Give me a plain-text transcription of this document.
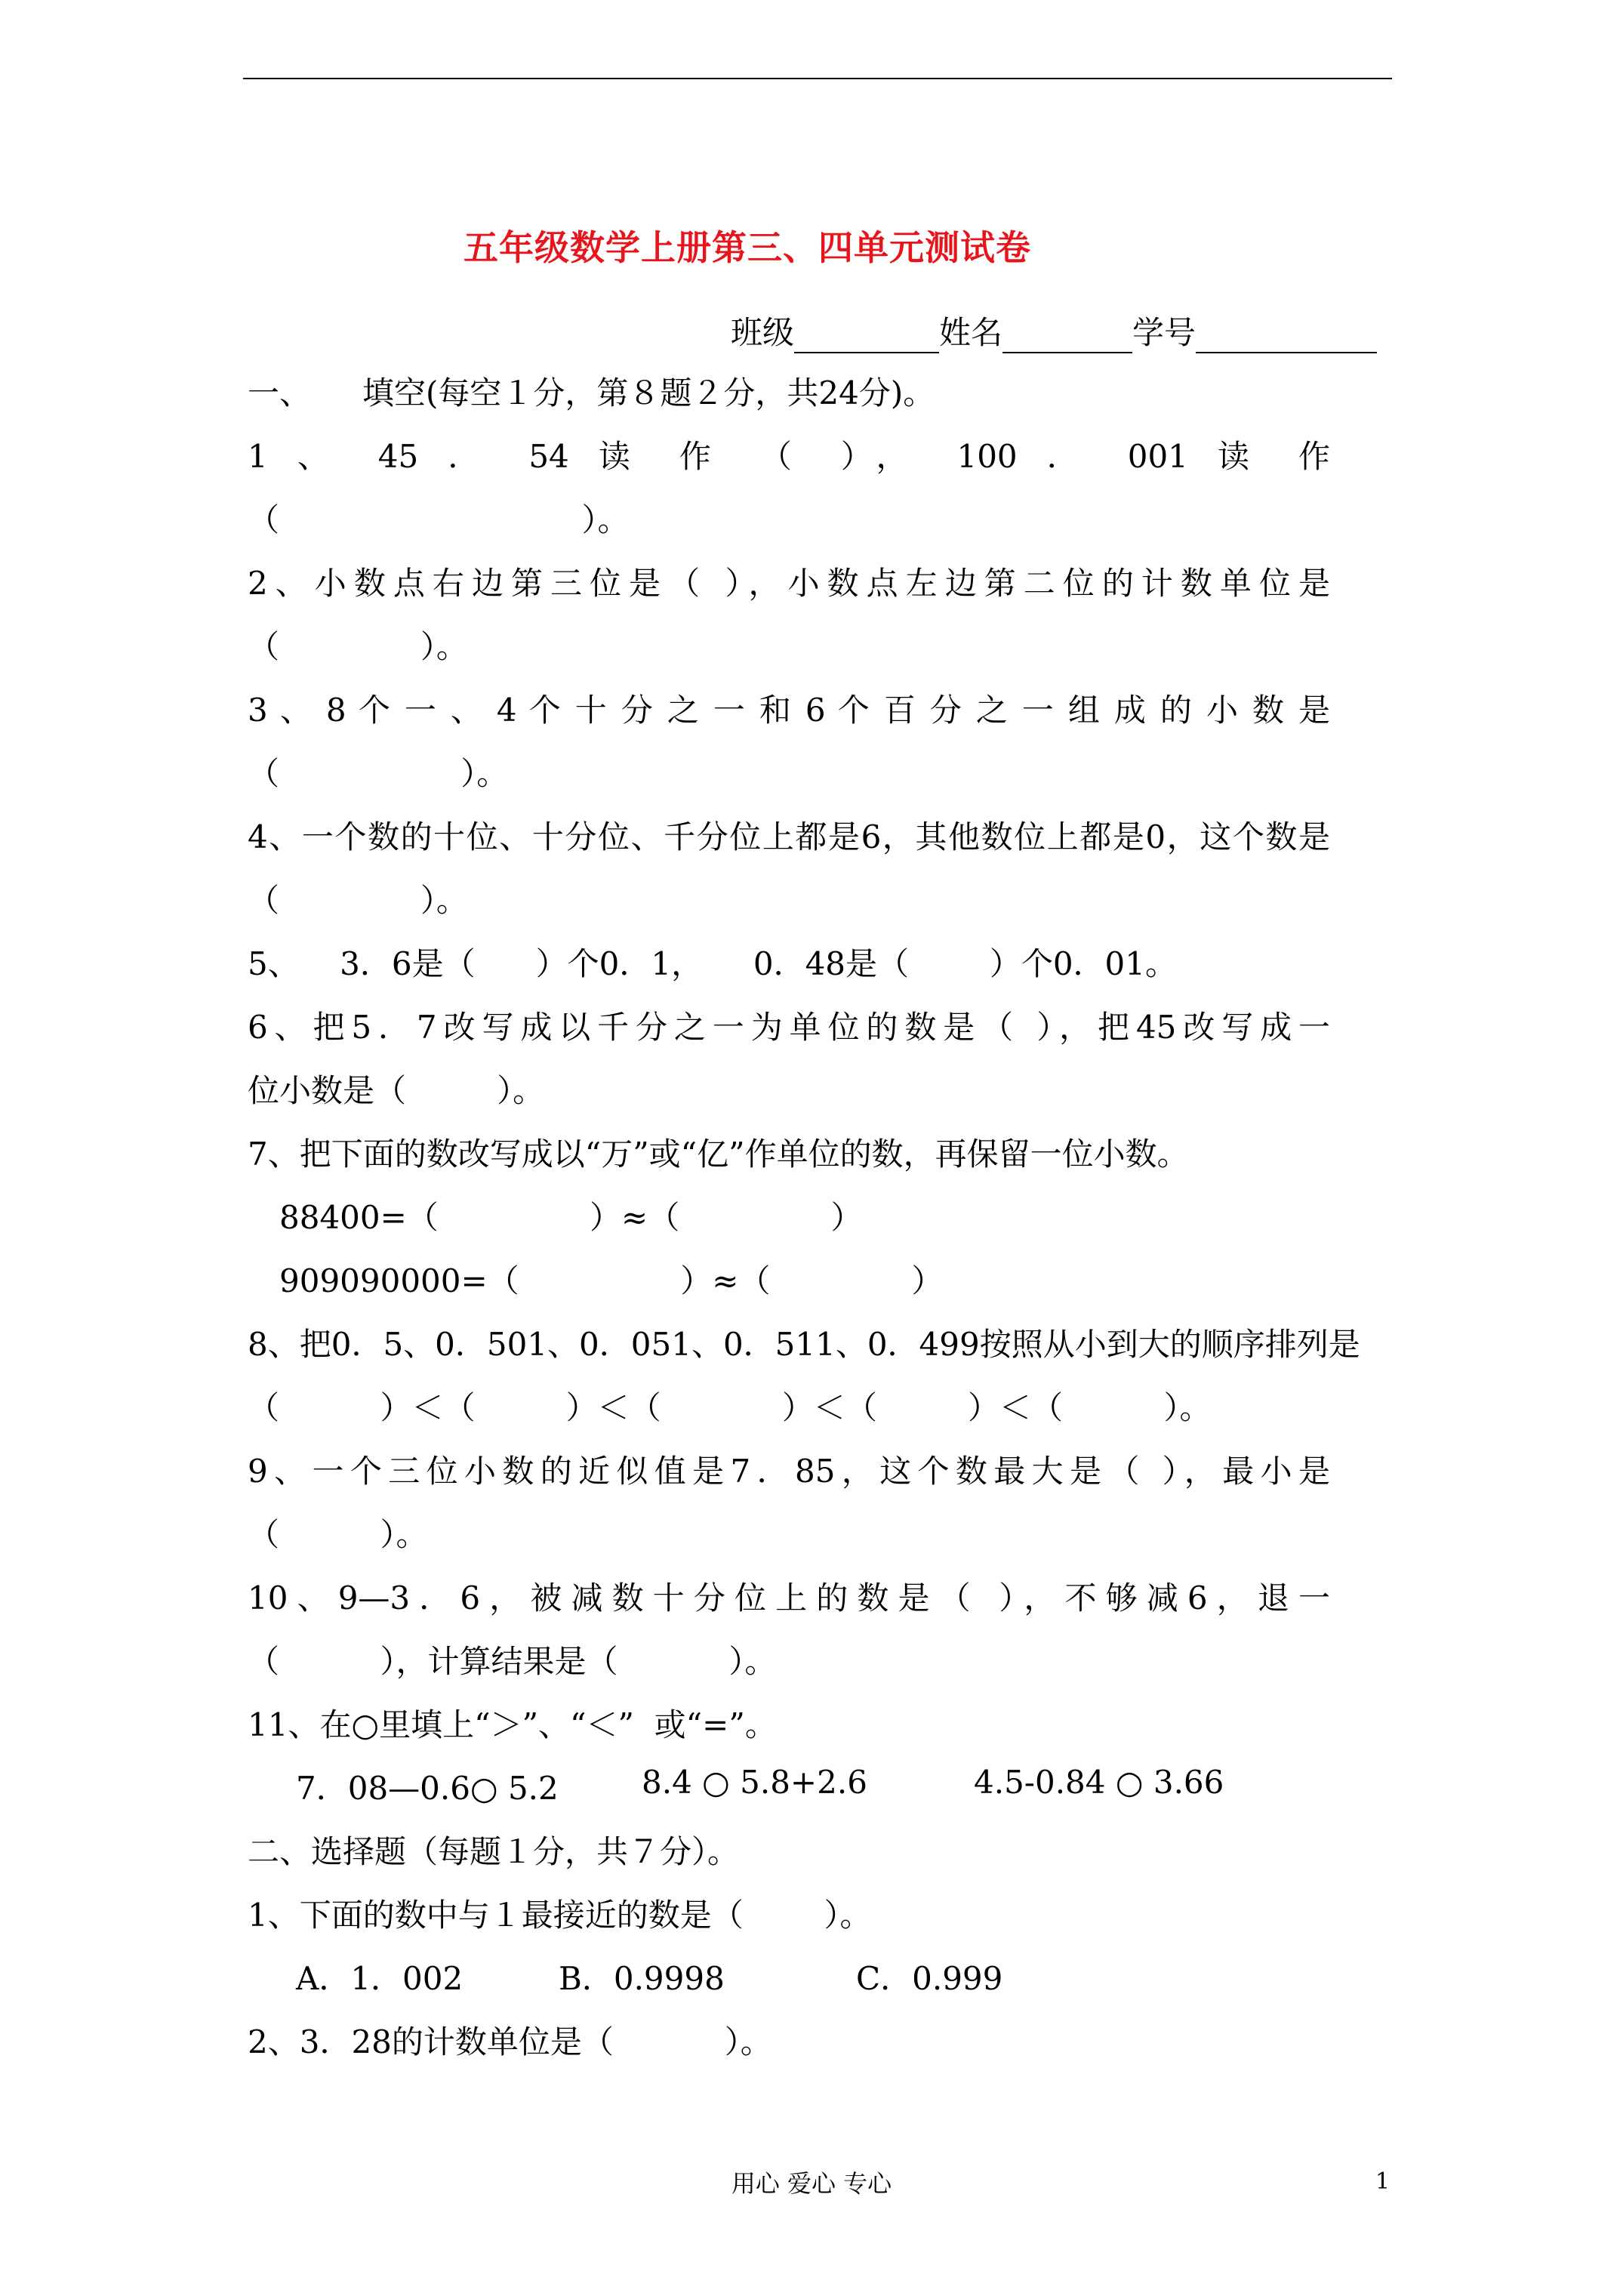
五年级数学上册第三、四单元测试卷
班级	姓名	学号
一、 填空(每空１分，第８题２分，共24分)。
1 、 45 ． 54 读 作 （ ）， 100 ． 001 读 作
（                              ）。
2、小数点右边第三位是（ ），小数点左边第二位的计数单位是
（              ）。
3 、 8 个 一 、 4 个 十 分 之 一 和 6 个 百 分 之 一 组 成 的 小 数 是
（                  ）。
4、一个数的十位、十分位、千分位上都是6，其他数位上都是0，这个数是
（              ）。
5、    3．6是（      ）个0．1，     0．48是（        ）个0．01。
6、把5．7改写成以千分之一为单位的数是（ ），把45改写成一
位小数是（         ）。
7、把下面的数改写成以“万”或“亿”作单位的数，再保留一位小数。
88400=（               ）≈（               ）
909090000=（                ）≈（              ）
8、把0．5、0．501、0．051、0．511、0．499按照从小到大的顺序排列是
（          ）＜（         ）＜（            ）＜（         ）＜（          ）。
9、一个三位小数的近似值是7．85，这个数最大是（ ），最小是
（          ）。
10、9—3．6，被减数十分位上的数是（ ），不够减6，退一
（          ），计算结果是（           ）。
11、在○里填上“＞”、“＜”  或“=”。
7．08—0.6○ 5.2	8.4 ○ 5.8+2.6	4.5-0.84 ○ 3.66
二、选择题（每题１分，共７分）。
1、下面的数中与１最接近的数是（        ）。
A．1．002	B．0.9998	C．0.999
2、3．28的计数单位是（           ）。
用心 爱心 专心	1
